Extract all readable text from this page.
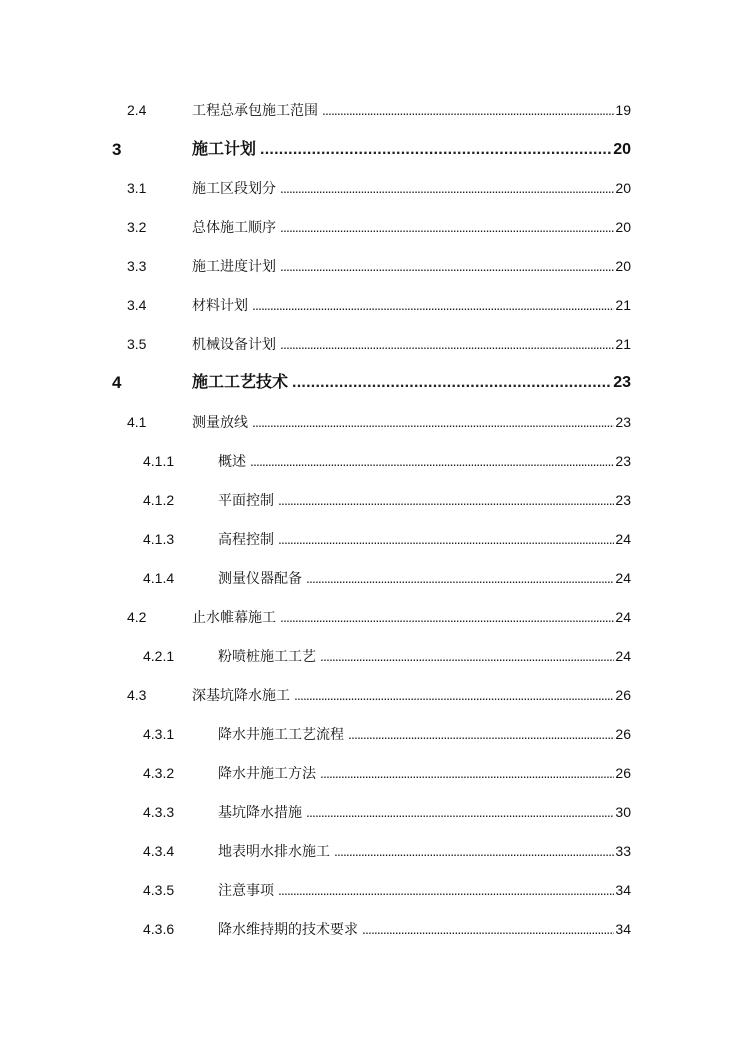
2.4	工程总承包施工范围 . . .	19
3	施工计划 . . .	20
3.1	施工区段划分 . . .	20
3.2	总体施工顺序 . . .	20
3.3	施工进度计划 . . .	20
3.4	材料计划 . . .	21
3.5	机械设备计划 . . .	21
4	施工工艺技术 . . .	23
4.1	测量放线 . . .	23
4.1.1	概述 . . .	23
4.1.2	平面控制 . . .	23
4.1.3	高程控制 . . .	24
4.1.4	测量仪器配备 . . .	24
4.2	止水帷幕施工 . . .	24
4.2.1	粉喷桩施工工艺 . . .	24
4.3	深基坑降水施工 . . .	26
4.3.1	降水井施工工艺流程 . . .	26
4.3.2	降水井施工方法 . . .	26
4.3.3	基坑降水措施 . . .	30
4.3.4	地表明水排水施工 . . .	33
4.3.5	注意事项 . . .	34
4.3.6	降水维持期的技术要求 . . .	34
